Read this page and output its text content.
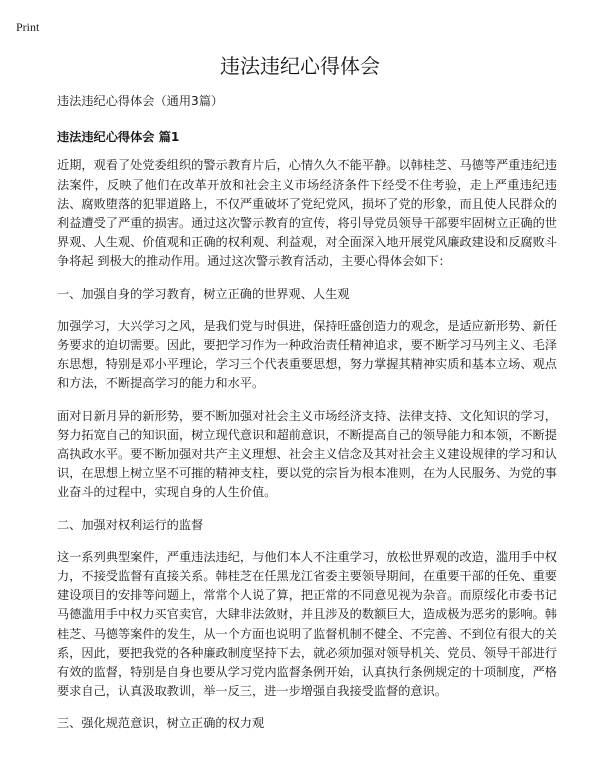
Print
违法违纪心得体会

违法违纪心得体会（通用3篇）

违法违纪心得体会 篇1

近期，观看了处党委组织的警示教育片后，心情久久不能平静。以韩桂芝、马德等严重违纪违法案件，反映了他们在改革开放和社会主义市场经济条件下经受不住考验，走上严重违纪违法、腐败堕落的犯罪道路上，不仅严重破坏了党纪党风，损坏了党的形象，而且使人民群众的利益遭受了严重的损害。通过这次警示教育的宣传，将引导党员领导干部要牢固树立正确的世界观、人生观、价值观和正确的权利观、利益观，对全面深入地开展党风廉政建设和反腐败斗争将起 到极大的推动作用。通过这次警示教育活动，主要心得体会如下：

一、加强自身的学习教育，树立正确的世界观、人生观

加强学习，大兴学习之风，是我们党与时俱进，保持旺盛创造力的观念，是适应新形势、新任务要求的迫切需要。因此，要把学习作为一种政治责任精神追求，要不断学习马列主义、毛泽东思想，特别是邓小平理论，学习三个代表重要思想，努力掌握其精神实质和基本立场、观点和方法，不断提高学习的能力和水平。

面对日新月异的新形势，要不断加强对社会主义市场经济支持、法律支持、文化知识的学习，努力拓宽自己的知识面，树立现代意识和超前意识，不断提高自己的领导能力和本领，不断提高执政水平。要不断加强对共产主义理想、社会主义信念及其对社会主义建设规律的学习和认识，在思想上树立坚不可摧的精神支柱，要以党的宗旨为根本准则，在为人民服务、为党的事业奋斗的过程中，实现自身的人生价值。

二、加强对权利运行的监督

这一系列典型案件，严重违法违纪，与他们本人不注重学习，放松世界观的改造，滥用手中权力，不接受监督有直接关系。韩桂芝在任黑龙江省委主要领导期间，在重要干部的任免、重要建设项目的安排等问题上，常常个人说了算，把正常的不同意见视为杂音。而原绥化市委书记马德滥用手中权力买官卖官，大肆非法敛财，并且涉及的数额巨大，造成极为恶劣的影响。韩桂芝、马德等案件的发生，从一个方面也说明了监督机制不健全、不完善、不到位有很大的关系，因此，要把我党的各种廉政制度坚持下去，就必须加强对领导机关、党员、领导干部进行有效的监督，特别是自身也要从学习党内监督条例开始，认真执行条例规定的十项制度，严格要求自己，认真汲取教训，举一反三，进一步增强自我接受监督的意识。

三、强化规范意识，树立正确的权力观
